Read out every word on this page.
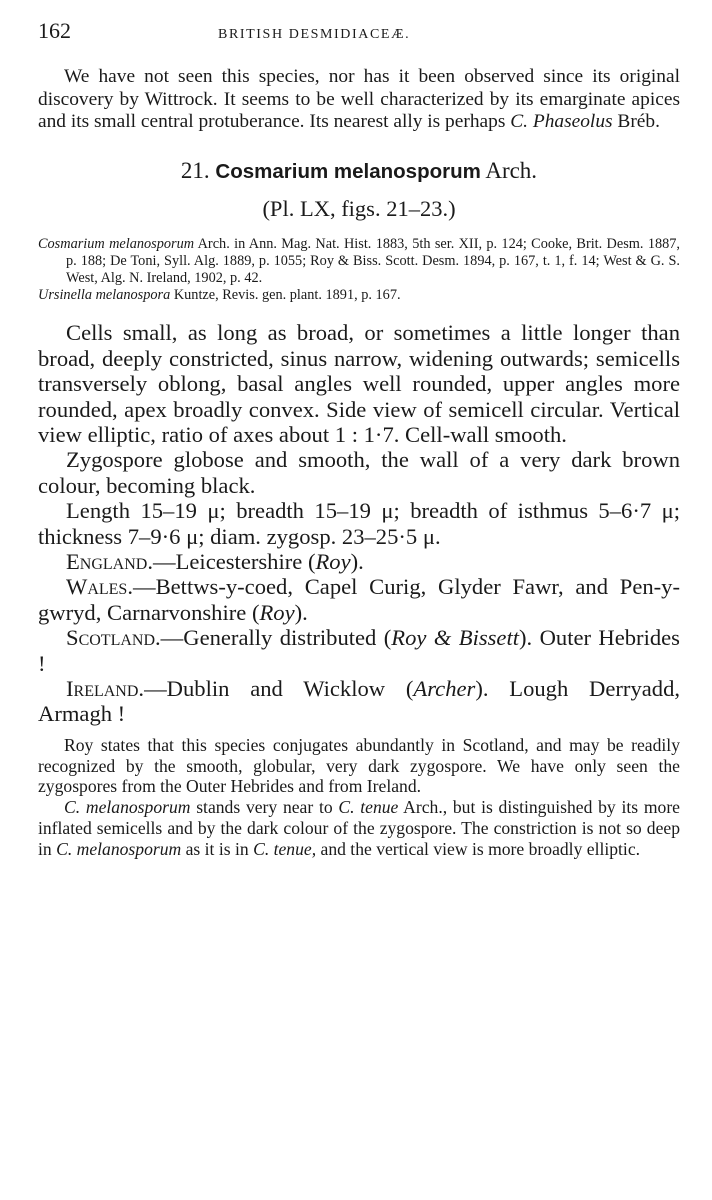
162	BRITISH DESMIDIACEÆ.

We have not seen this species, nor has it been observed since its original discovery by Wittrock. It seems to be well characterized by its emarginate apices and its small central protuberance. Its nearest ally is perhaps C. Phaseolus Bréb.

21. Cosmarium melanosporum Arch.
(Pl. LX, figs. 21–23.)

Cosmarium melanosporum Arch. in Ann. Mag. Nat. Hist. 1883, 5th ser. XII, p. 124; Cooke, Brit. Desm. 1887, p. 188; De Toni, Syll. Alg. 1889, p. 1055; Roy & Biss. Scott. Desm. 1894, p. 167, t. 1, f. 14; West & G. S. West, Alg. N. Ireland, 1902, p. 42.

Ursinella melanospora Kuntze, Revis. gen. plant. 1891, p. 167.

Cells small, as long as broad, or sometimes a little longer than broad, deeply constricted, sinus narrow, widening outwards; semicells transversely oblong, basal angles well rounded, upper angles more rounded, apex broadly convex. Side view of semicell circular. Vertical view elliptic, ratio of axes about 1 : 1·7. Cell-wall smooth.

Zygospore globose and smooth, the wall of a very dark brown colour, becoming black.

Length 15–19 μ; breadth 15–19 μ; breadth of isthmus 5–6·7 μ; thickness 7–9·6 μ; diam. zygosp. 23–25·5 μ.

England.—Leicestershire (Roy).

Wales.—Bettws-y-coed, Capel Curig, Glyder Fawr, and Pen-y-gwryd, Carnarvonshire (Roy).

Scotland.—Generally distributed (Roy & Bissett). Outer Hebrides !

Ireland.—Dublin and Wicklow (Archer). Lough Derryadd, Armagh !

Roy states that this species conjugates abundantly in Scotland, and may be readily recognized by the smooth, globular, very dark zygospore. We have only seen the zygospores from the Outer Hebrides and from Ireland.

C. melanosporum stands very near to C. tenue Arch., but is distinguished by its more inflated semicells and by the dark colour of the zygospore. The constriction is not so deep in C. melanosporum as it is in C. tenue, and the vertical view is more broadly elliptic.
